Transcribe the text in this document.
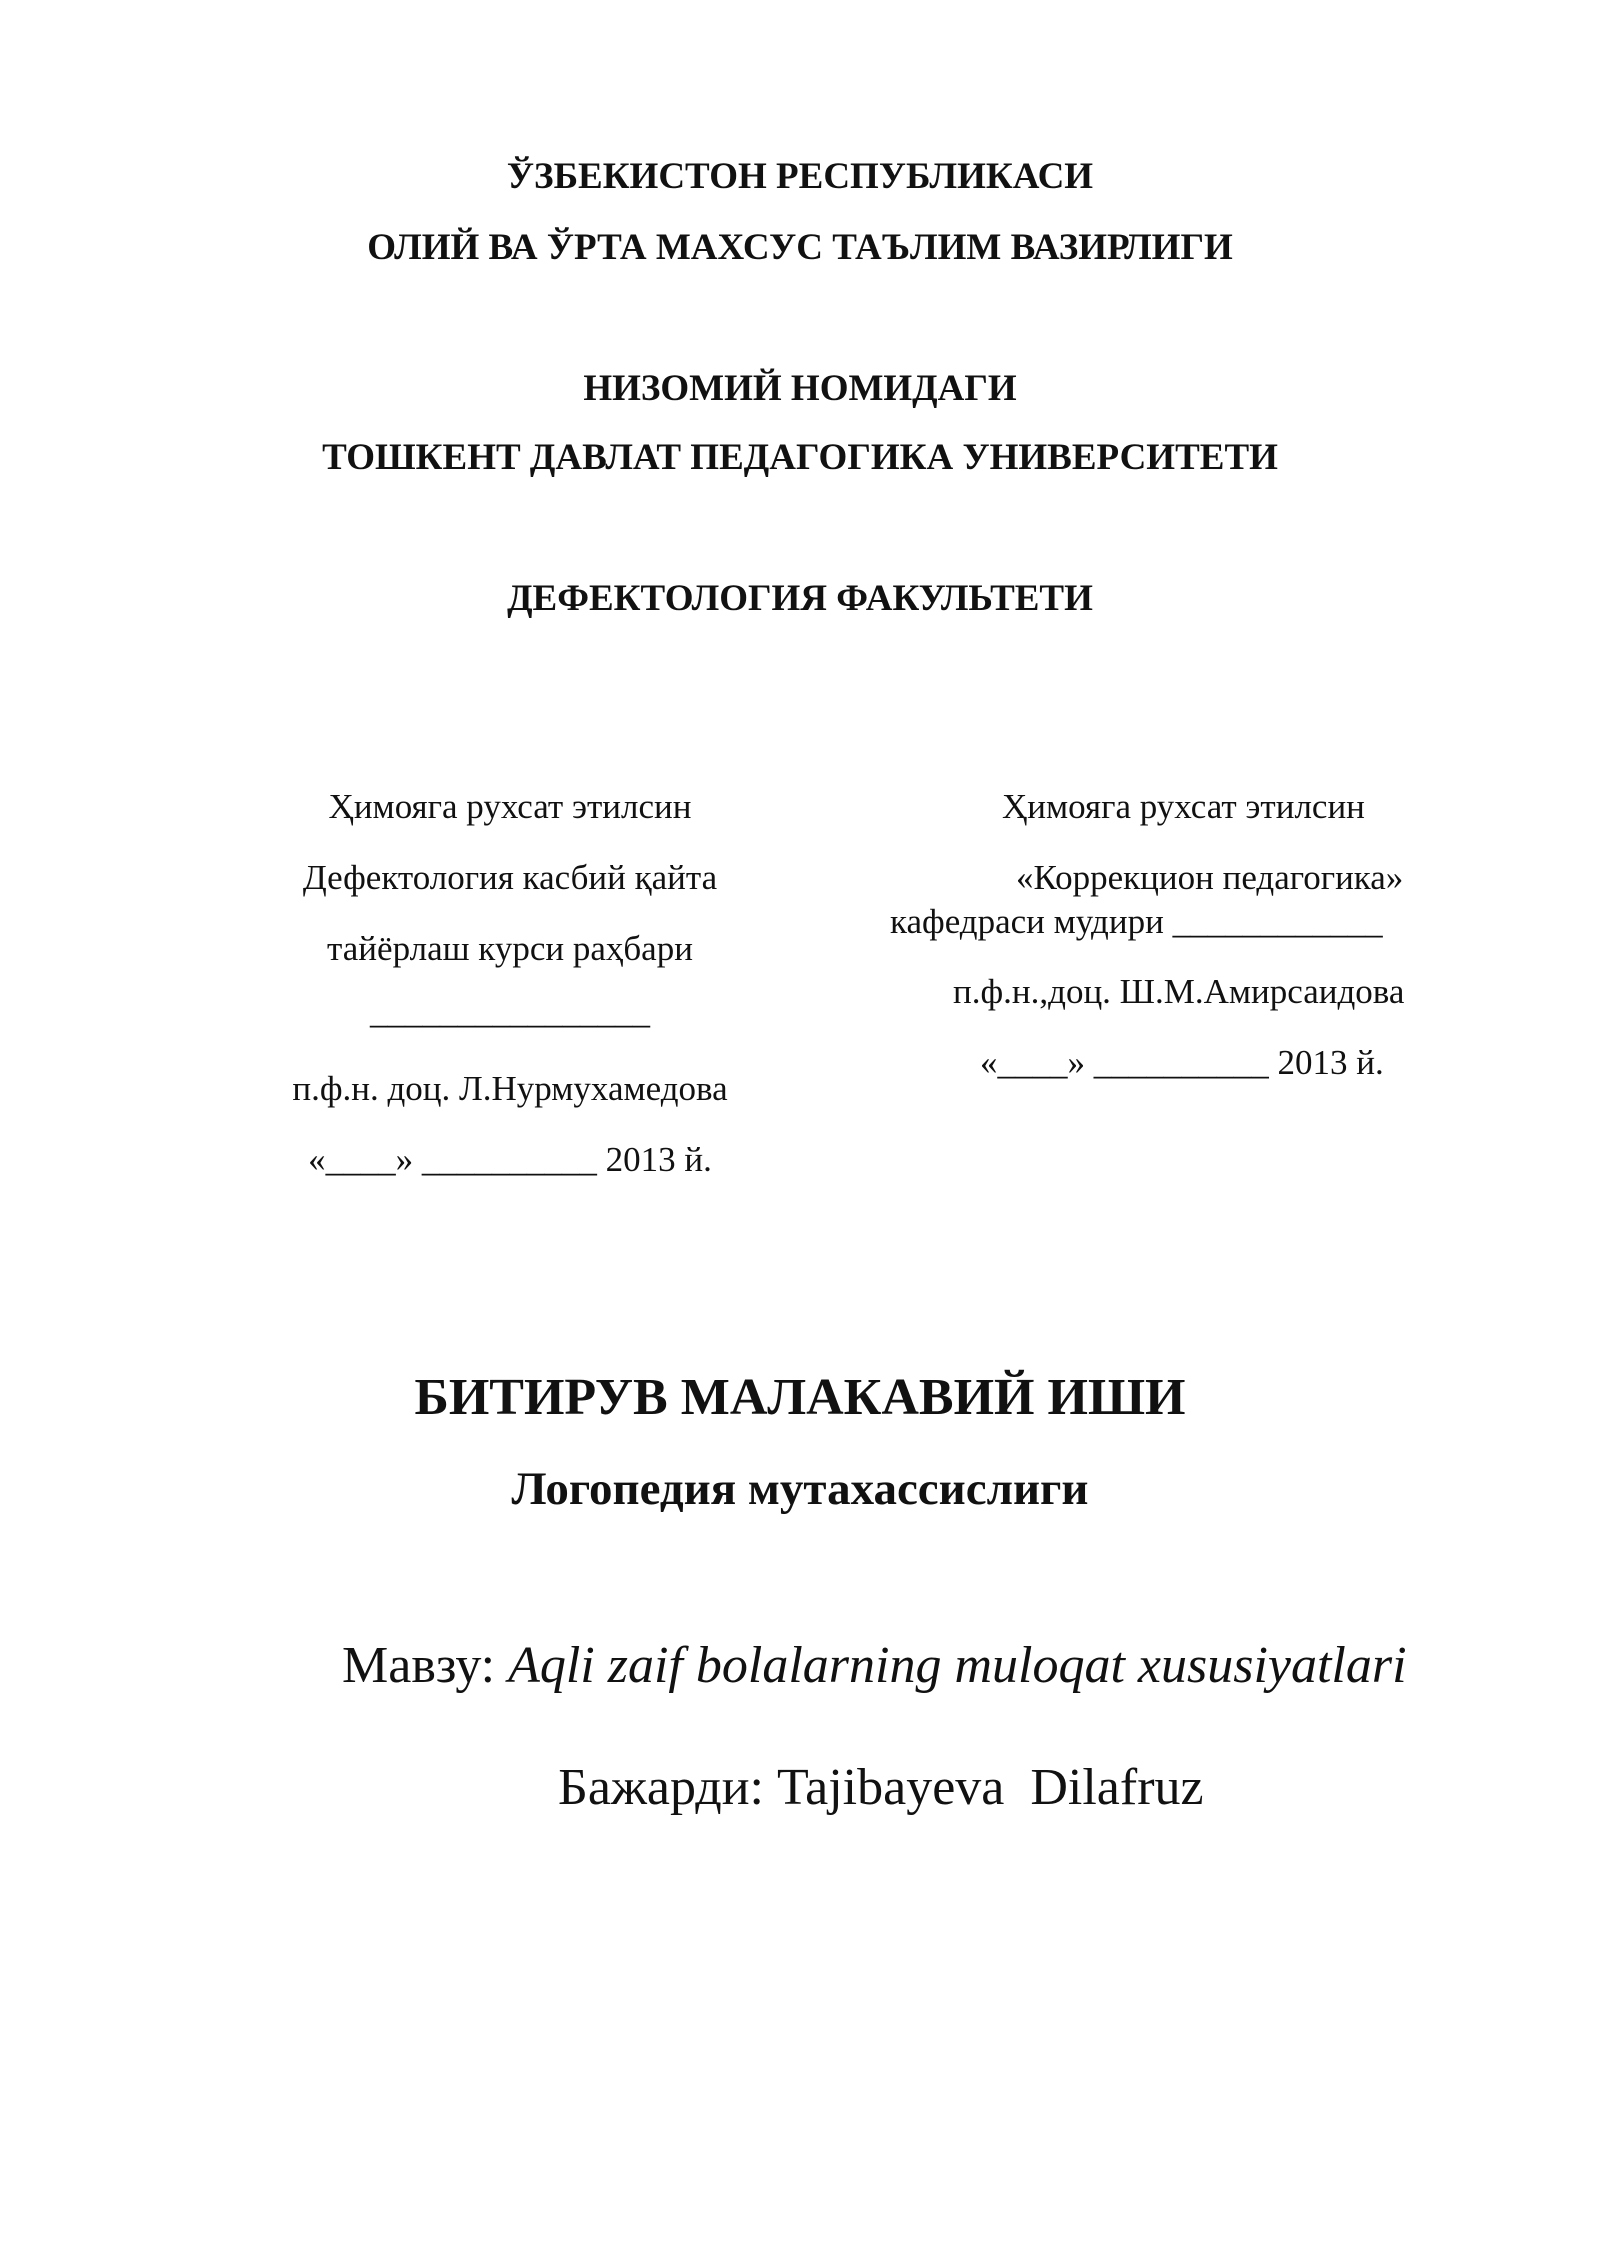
ЎЗБЕКИСТОН РЕСПУБЛИКАСИ
ОЛИЙ ВА ЎРТА МАХСУС ТАЪЛИМ ВАЗИРЛИГИ
НИЗОМИЙ НОМИДАГИ
ТОШКЕНТ ДАВЛАТ ПЕДАГОГИКА УНИВЕРСИТЕТИ
ДЕФЕКТОЛОГИЯ ФАКУЛЬТЕТИ
Ҳимояга рухсат этилсин
Дефектология касбий қайта
тайёрлаш курси раҳбари
________________
п.ф.н. доц. Л.Нурмухамедова
«____» __________ 2013 й.
Ҳимояга рухсат этилсин
«Коррекцион педагогика»
кафедраси мудири ____________
п.ф.н.,доц. Ш.М.Амирсаидова
«____» __________ 2013 й.
БИТИРУВ МАЛАКАВИЙ ИШИ
Логопедия мутахассислиги
Мавзу: Aqli zaif bolalarning muloqat xususiyatlari
Бажарди: Tajibayeva  Dilafruz
